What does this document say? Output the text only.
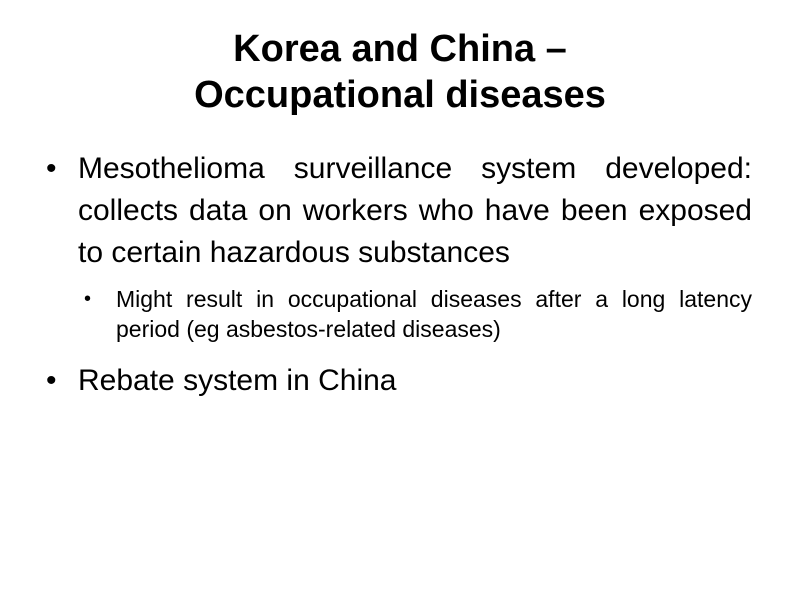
Korea and China –
Occupational diseases
• Mesothelioma surveillance system developed: collects data on workers who have been exposed to certain hazardous substances
• Might result in occupational diseases after a long latency period (eg asbestos-related diseases)
• Rebate system in China
